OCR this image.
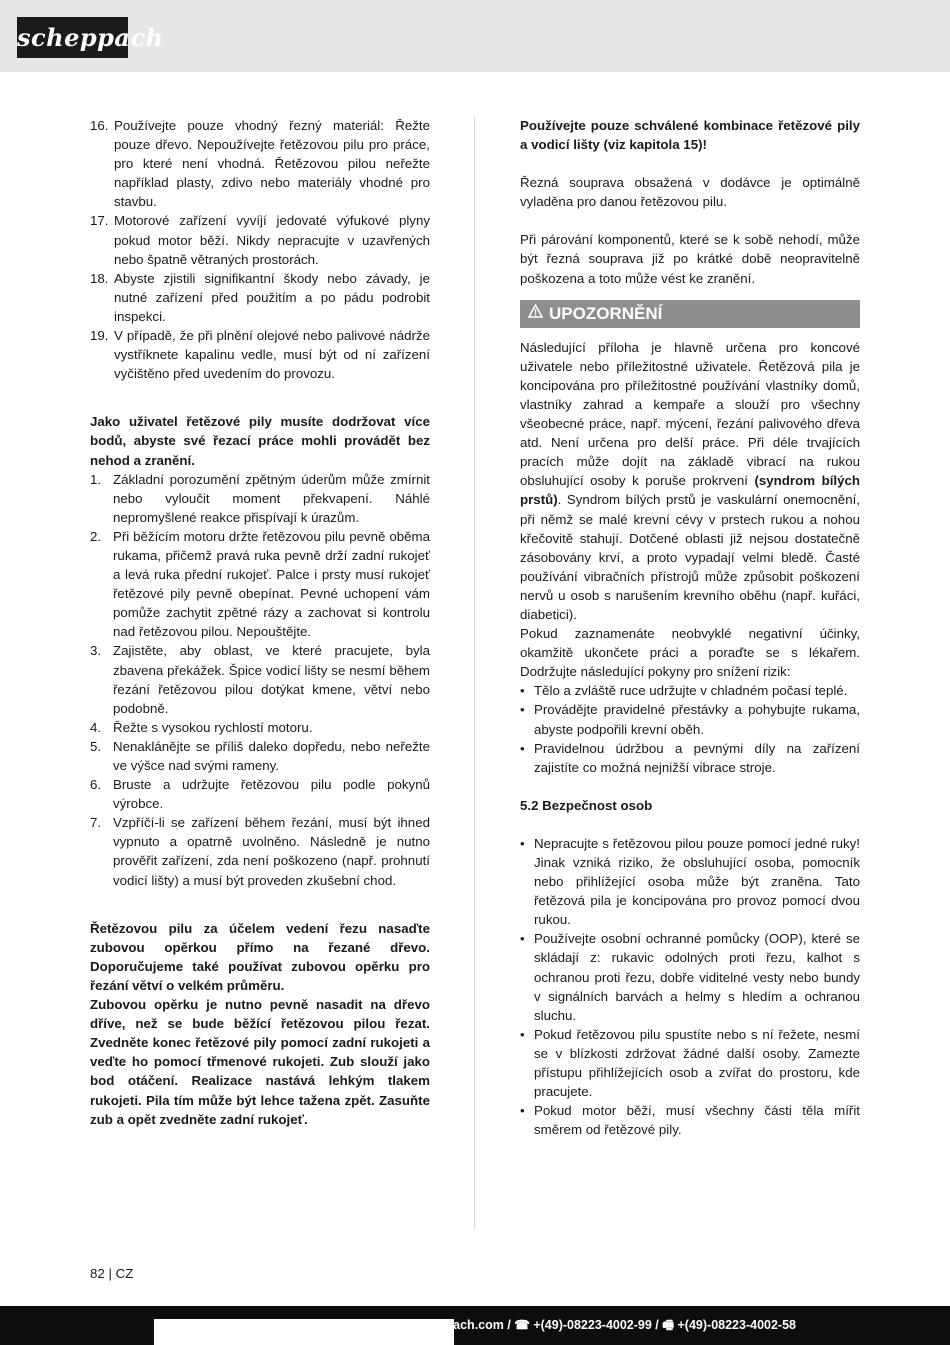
scheppach
16. Používejte pouze vhodný řezný materiál: Řežte pouze dřevo. Nepoužívejte řetězovou pilu pro práce, pro které není vhodná. Řetězovou pilou neřežte například plasty, zdivo nebo materiály vhodné pro stavbu.
17. Motorové zařízení vyvíjí jedovaté výfukové plyny pokud motor běží. Nikdy nepracujte v uzavřených nebo špatně větraných prostorách.
18. Abyste zjistili signifikantní škody nebo závady, je nutné zařízení před použitím a po pádu podrobit inspekci.
19. V případě, že při plnění olejové nebo palivové nádrže vystříknete kapalinu vedle, musí být od ní zařízení vyčištěno před uvedením do provozu.

Jako uživatel řetězové pily musíte dodržovat více bodů, abyste své řezací práce mohli provádět bez nehod a zranění.

1. Základní porozumění zpětným úderům může zmírnit nebo vyloučit moment překvapení. Náhlé nepromyšlené reakce přispívají k úrazům.
2. Při běžícím motoru držte řetězovou pilu pevně oběma rukama, přičemž pravá ruka pevně drží zadní rukojeť a levá ruka přední rukojeť. Palce i prsty musí rukojeť řetězové pily pevně obepínat. Pevné uchopení vám pomůže zachytit zpětné rázy a zachovat si kontrolu nad řetězovou pilou. Nepouštějte.
3. Zajistěte, aby oblast, ve které pracujete, byla zbavena překážek. Špice vodicí lišty se nesmí během řezání řetězovou pilou dotýkat kmene, větví nebo podobně.
4. Řežte s vysokou rychlostí motoru.
5. Nenaklánějte se příliš daleko dopředu, nebo neřežte ve výšce nad svými rameny.
6. Bruste a udržujte řetězovou pilu podle pokynů výrobce.
7. Vzpříčí-li se zařízení během řezání, musí být ihned vypnuto a opatrně uvolněno. Následně je nutno prověřit zařízení, zda není poškozeno (např. prohnutí vodicí lišty) a musí být proveden zkušební chod.

Řetězovou pilu za účelem vedení řezu nasaďte zubovou opěrkou přímo na řezané dřevo. Doporučujeme také používat zubovou opěrku pro řezání větví o velkém průměru.

Zubovou opěrku je nutno pevně nasadit na dřevo dříve, než se bude běžící řetězovou pilou řezat. Zvedněte konec řetězové pily pomocí zadní rukojeti a veďte ho pomocí třmenové rukojeti. Zub slouží jako bod otáčení. Realizace nastává lehkým tlakem rukojeti. Pila tím může být lehce tažena zpět. Zasuňte zub a opět zvedněte zadní rukojeť.

Používejte pouze schválené kombinace řetězové pily a vodicí lišty (viz kapitola 15)!

Řezná souprava obsažená v dodávce je optimálně vyladěna pro danou řetězovou pilu.

Při párování komponentů, které se k sobě nehodí, může být řezná souprava již po krátké době neopravitelně poškozena a toto může vést ke zranění.

UPOZORNĚNÍ

Následující příloha je hlavně určena pro koncové uživatele nebo příležitostné uživatele. Řetězová pila je koncipována pro příležitostné používání vlastníky domů, vlastníky zahrad a kempaře a slouží pro všechny všeobecné práce, např. mýcení, řezání palivového dřeva atd. Není určena pro delší práce. Při déle trvajících pracích může dojít na základě vibrací na rukou obsluhující osoby k poruše prokrvení (syndrom bílých prstů). Syndrom bílých prstů je vaskulární onemocnění, při němž se malé krevní cévy v prstech rukou a nohou křečovitě stahují. Dotčené oblasti již nejsou dostatečně zásobovány krví, a proto vypadají velmi bledě. Časté používání vibračních přístrojů může způsobit poškození nervů u osob s narušením krevního oběhu (např. kuřáci, diabetici).

Pokud zaznamenáte neobvyklé negativní účinky, okamžitě ukončete práci a poraďte se s lékařem. Dodržujte následující pokyny pro snížení rizik:

• Tělo a zvláště ruce udržujte v chladném počasí teplé.
• Provádějte pravidelné přestávky a pohybujte rukama, abyste podpořili krevní oběh.
• Pravidelnou údržbou a pevnými díly na zařízení zajistíte co možná nejnižší vibrace stroje.

5.2 Bezpečnost osob

• Nepracujte s řetězovou pilou pouze pomocí jedné ruky! Jinak vzniká riziko, že obsluhující osoba, pomocník nebo přihlížející osoba může být zraněna. Tato řetězová pila je koncipována pro provoz pomocí dvou rukou.
• Používejte osobní ochranné pomůcky (OOP), které se skládají z: rukavic odolných proti řezu, kalhot s ochranou proti řezu, dobře viditelné vesty nebo bundy v signálních barvách a helmy s hledím a ochranou sluchu.
• Pokud řetězovou pilu spustíte nebo s ní řežete, nesmí se v blízkosti zdržovat žádné další osoby. Zamezte přístupu přihlížejících osob a zvířat do prostoru, kde pracujete.
• Pokud motor běží, musí všechny části těla mířit směrem od řetězové pily.
82 | CZ
ach.com / ☎ +(49)-08223-4002-99 / 🖷 +(49)-08223-4002-58
